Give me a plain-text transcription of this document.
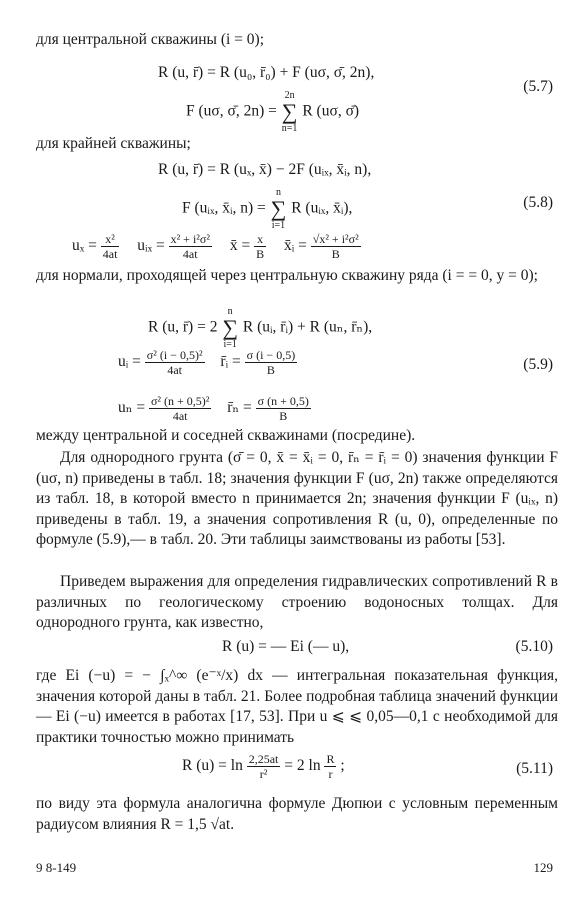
для центральной скважины (i = 0);
R (u, r̄) = R (u₀, r̄₀) + F (uσ, σ̄, 2n),
F (uσ, σ̄, 2n) =
2n
∑
n=1
R (uσ, σ̄)
(5.7)
для крайней скважины;
R (u, r̄) = R (uₓ, x̄) − 2F (uᵢₓ, x̄ᵢ, n),
F (uᵢₓ, x̄ᵢ, n) =
n
∑
i=1
R (uᵢₓ, x̄ᵢ),	(5.8)
$u_x = \frac{\text{x²}}{4at}$ uᵢₓ = $\frac{\text{x² + i²σ²}}{4at}$ x̄ = $\frac{x}{B}$ x̄ᵢ = $\frac{\text{√x² + i²σ²}}{B}$
для нормали, проходящей через центральную скважину ряда (i = = 0, y = 0);
R (u, r̄) = 2
n
∑
i=1
R (uᵢ, r̄ᵢ) + R (uₙ, r̄ₙ),
uᵢ = $\frac{\text{σ² (i − 0,5)²}}{4at}$ r̄ᵢ = $\frac{\sigma (i - 0,5)}{B}$	(5.9)
$u_n = \frac{\text{σ² (n + 0,5)²}}{4at}$ r̄ₙ = $\frac{\sigma (n + 0,5)}{B}$
между центральной и соседней скважинами (посредине).
Для однородного грунта (σ̄ = 0, x̄ = x̄ᵢ = 0, r̄ₙ = r̄ᵢ = 0) значения функции F (uσ, n) приведены в табл. 18; значения функции F (uσ, 2n) также определяются из табл. 18, в которой вместо n принимается 2n; значения функции F (uᵢₓ, n) приведены в табл. 19, а значения сопротивления R (u, 0), определенные по формуле (5.9),— в табл. 20. Эти таблицы заимствованы из работы [53].
Приведем выражения для определения гидравлических сопротивлений R в различных по геологическому строению водоносных толщах. Для однородного грунта, как известно,
R (u) = — Ei (— u),	(5.10)
где Ei (−u) = − ∫ₓ^∞ (e⁻ˣ/x) dx — интегральная показательная функция, значения которой даны в табл. 21. Более подробная таблица значений функции — Ei (−u) имеется в работах [17, 53]. При u ⩽ ⩽ 0,05—0,1 с необходимой для практики точностью можно принимать
R $(u) = \ln \frac{2,25at}{\text{r²}} = 2$ $\ln \frac{R}{r}$ ;	(5.11)
по виду эта формула аналогична формуле Дюпюи с условным переменным радиусом влияния R = 1,5 √at.
9 8-149	129
